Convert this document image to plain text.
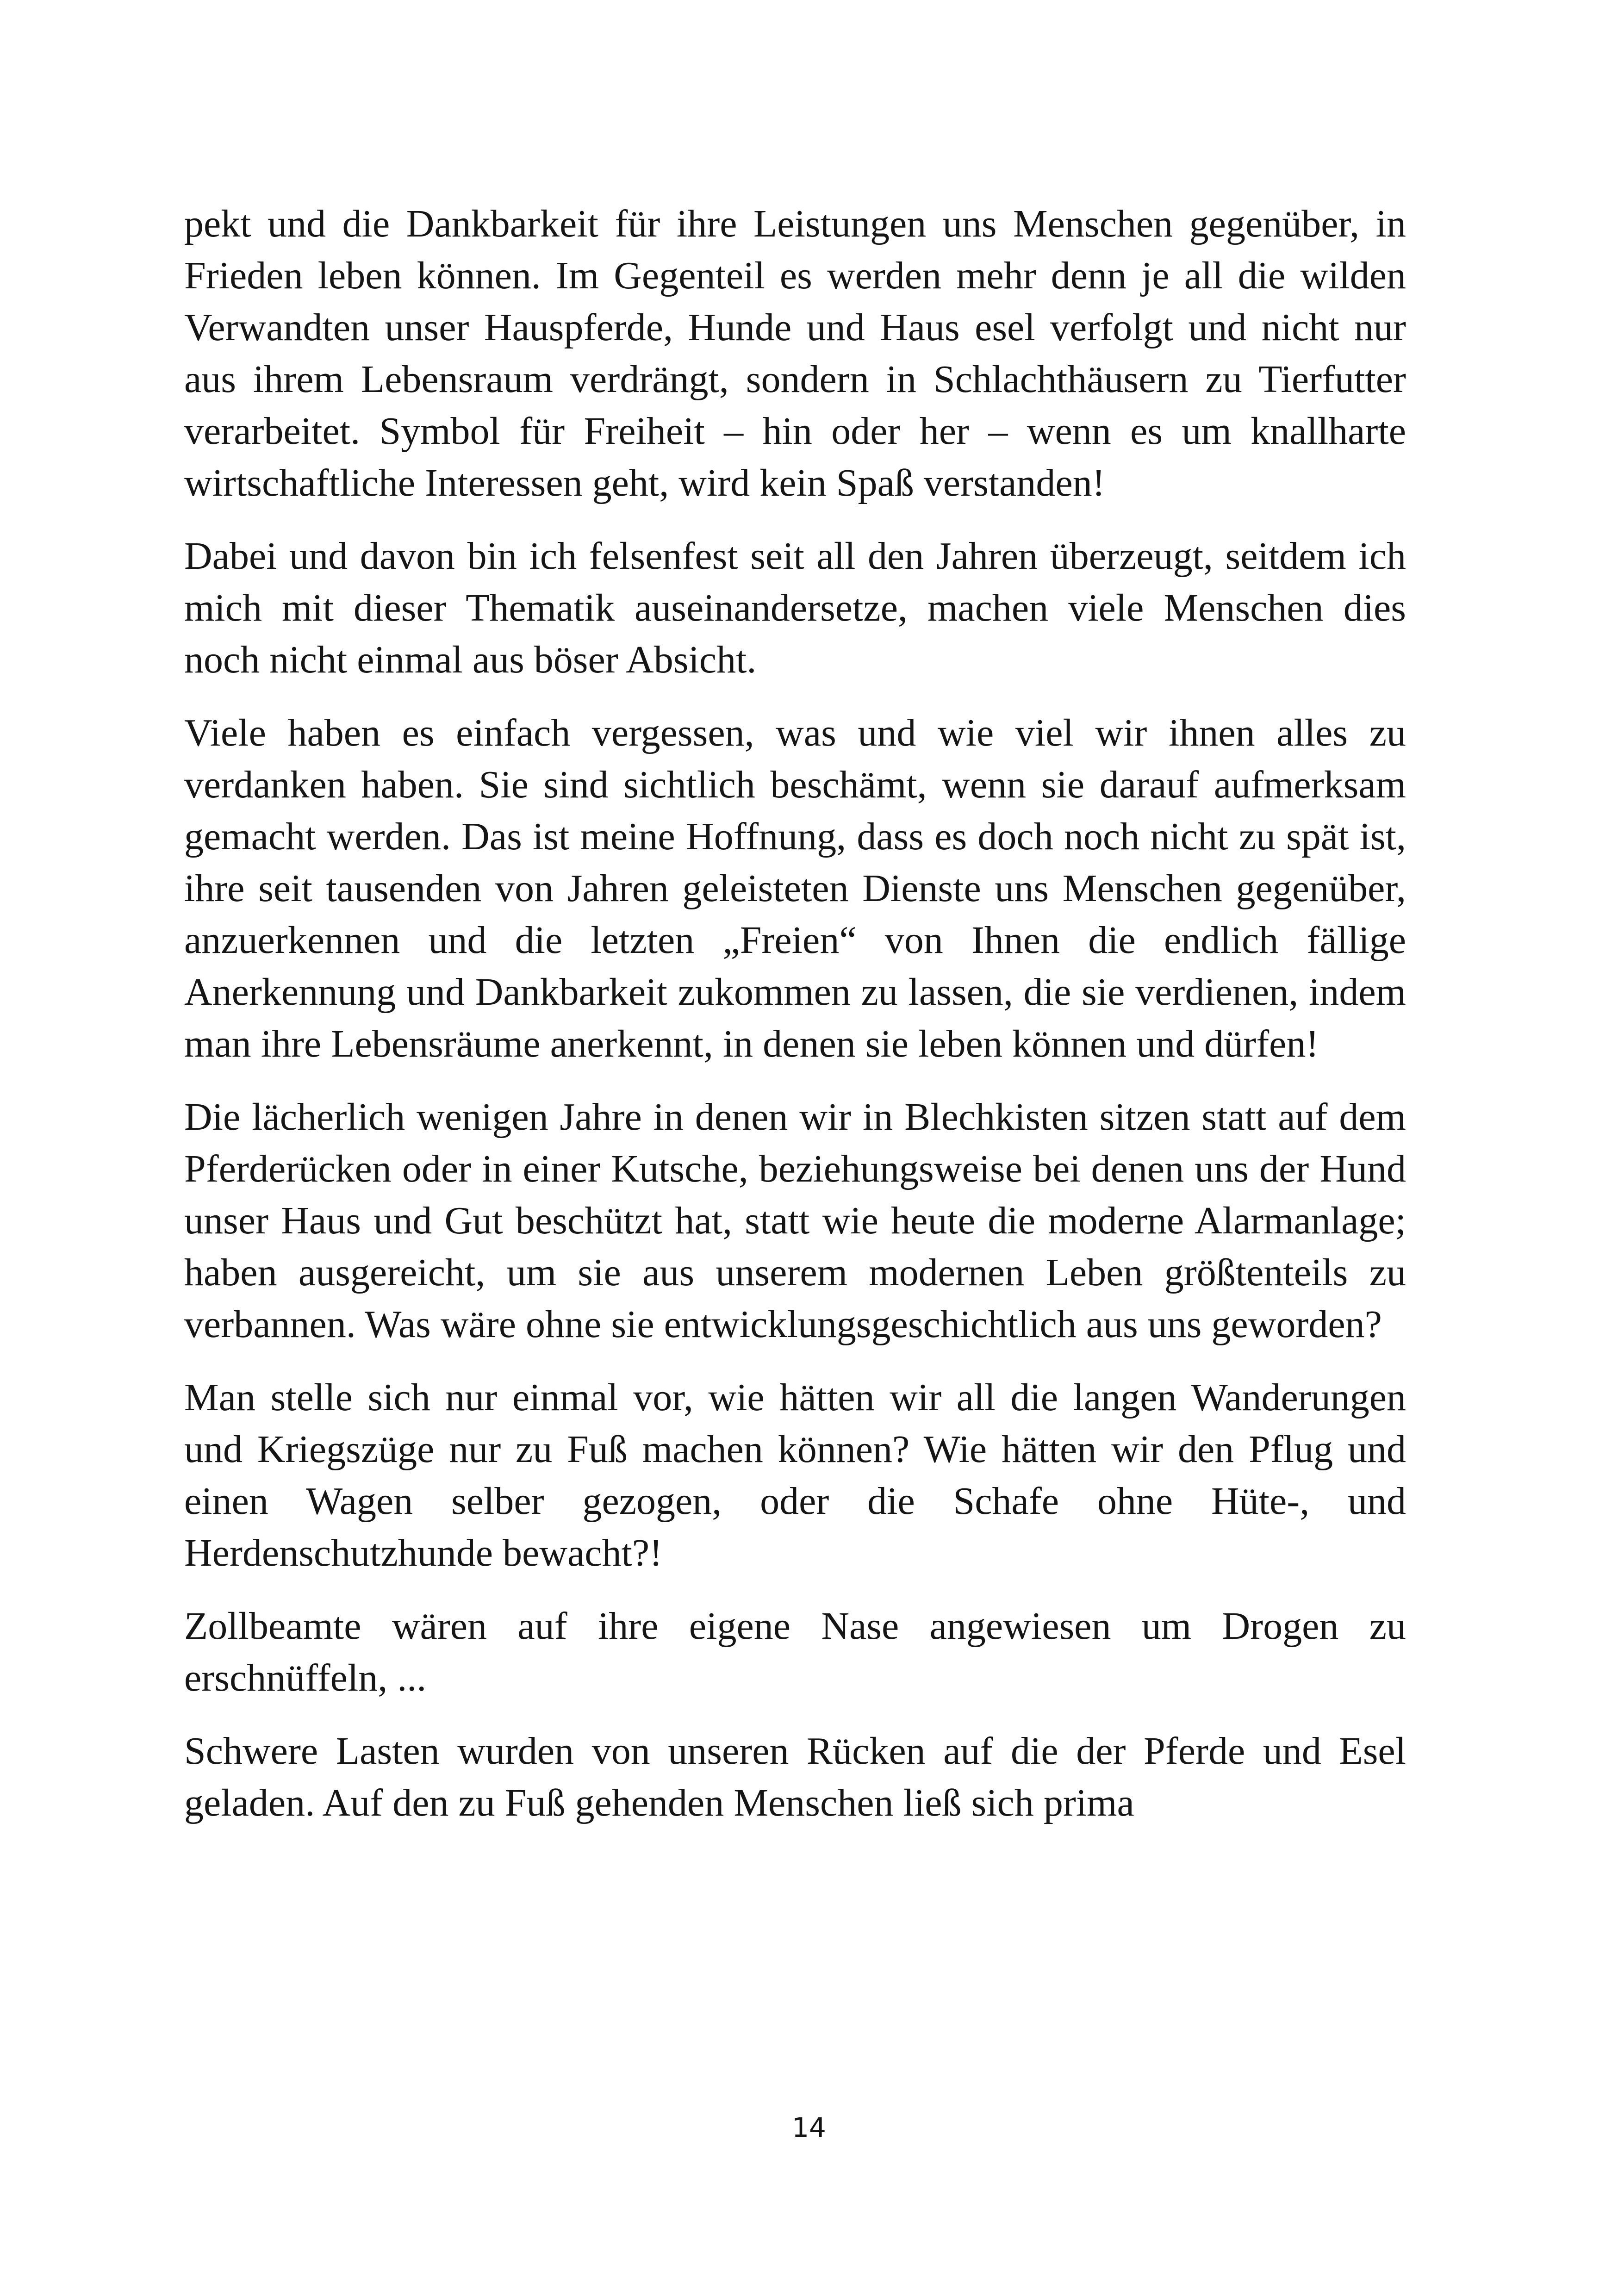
pekt und die Dankbarkeit für ihre Leistungen uns Menschen gegenüber, in Frieden leben können. Im Gegenteil es werden mehr denn je all die wilden Verwandten unser Hauspferde, Hunde und Haus esel verfolgt und nicht nur aus ihrem Lebensraum verdrängt, sondern in Schlachthäusern zu Tierfutter verarbeitet. Symbol für Freiheit – hin oder her – wenn es um knallharte wirtschaftliche Interessen geht, wird kein Spaß verstanden!

Dabei und davon bin ich felsenfest seit all den Jahren überzeugt, seitdem ich mich mit dieser Thematik auseinandersetze, machen viele Menschen dies noch nicht einmal aus böser Absicht.

Viele haben es einfach vergessen, was und wie viel wir ihnen alles zu verdanken haben. Sie sind sichtlich beschämt, wenn sie darauf aufmerksam gemacht werden. Das ist meine Hoffnung, dass es doch noch nicht zu spät ist, ihre seit tausenden von Jahren geleisteten Dienste uns Menschen gegenüber, anzuerkennen und die letzten „Freien“ von Ihnen die endlich fällige Anerkennung und Dankbarkeit zukommen zu lassen, die sie verdienen, indem man ihre Lebensräume anerkennt, in denen sie leben können und dürfen!

Die lächerlich wenigen Jahre in denen wir in Blechkisten sitzen statt auf dem Pferderücken oder in einer Kutsche, beziehungsweise bei denen uns der Hund unser Haus und Gut beschützt hat, statt wie heute die moderne Alarmanlage; haben ausgereicht, um sie aus unserem modernen Leben größtenteils zu verbannen. Was wäre ohne sie entwicklungsgeschichtlich aus uns geworden?

Man stelle sich nur einmal vor, wie hätten wir all die langen Wanderungen und Kriegszüge nur zu Fuß machen können? Wie hätten wir den Pflug und einen Wagen selber gezogen, oder die Schafe ohne Hüte-, und Herdenschutzhunde bewacht?!

Zollbeamte wären auf ihre eigene Nase angewiesen um Drogen zu erschnüffeln, ...

Schwere Lasten wurden von unseren Rücken auf die der Pferde und Esel geladen. Auf den zu Fuß gehenden Menschen ließ sich prima

14
